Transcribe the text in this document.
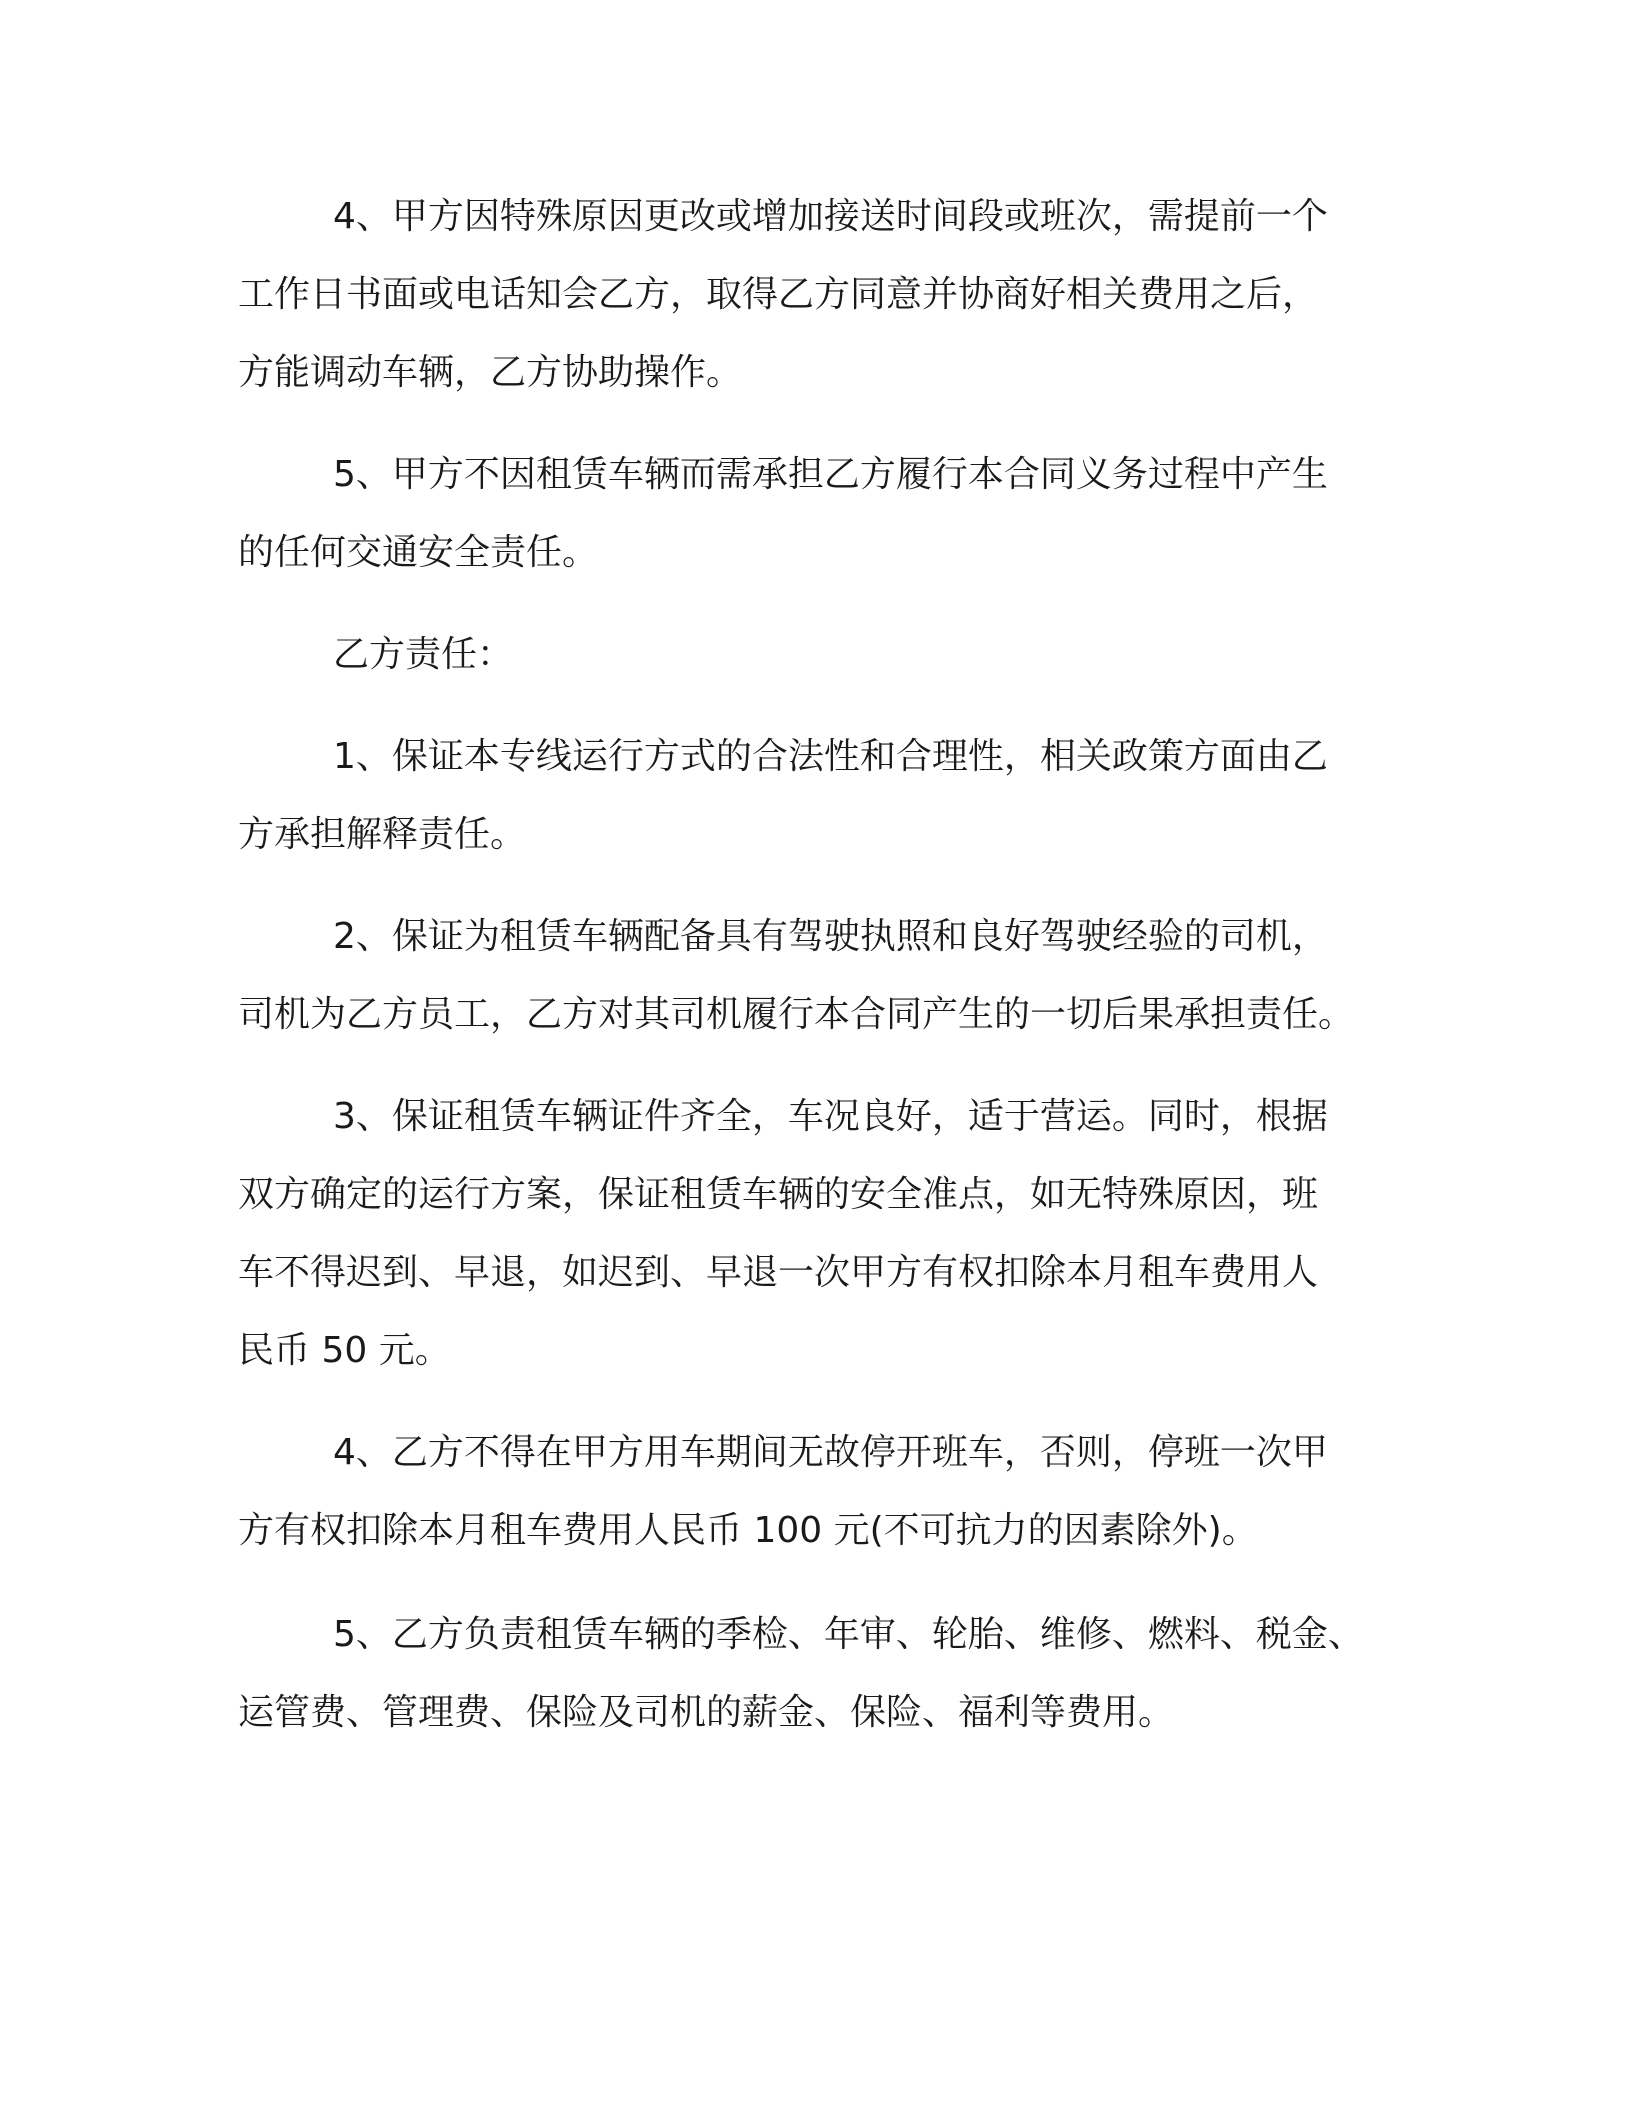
4、甲方因特殊原因更改或增加接送时间段或班次，需提前一个
工作日书面或电话知会乙方，取得乙方同意并协商好相关费用之后，
方能调动车辆，乙方协助操作。
5、甲方不因租赁车辆而需承担乙方履行本合同义务过程中产生
的任何交通安全责任。
乙方责任：
1、保证本专线运行方式的合法性和合理性，相关政策方面由乙
方承担解释责任。
2、保证为租赁车辆配备具有驾驶执照和良好驾驶经验的司机，
司机为乙方员工，乙方对其司机履行本合同产生的一切后果承担责任。
3、保证租赁车辆证件齐全，车况良好，适于营运。同时，根据
双方确定的运行方案，保证租赁车辆的安全准点，如无特殊原因，班
车不得迟到、早退，如迟到、早退一次甲方有权扣除本月租车费用人
民币 50 元。
4、乙方不得在甲方用车期间无故停开班车，否则，停班一次甲
方有权扣除本月租车费用人民币 100 元(不可抗力的因素除外)。
5、乙方负责租赁车辆的季检、年审、轮胎、维修、燃料、税金、
运管费、管理费、保险及司机的薪金、保险、福利等费用。
